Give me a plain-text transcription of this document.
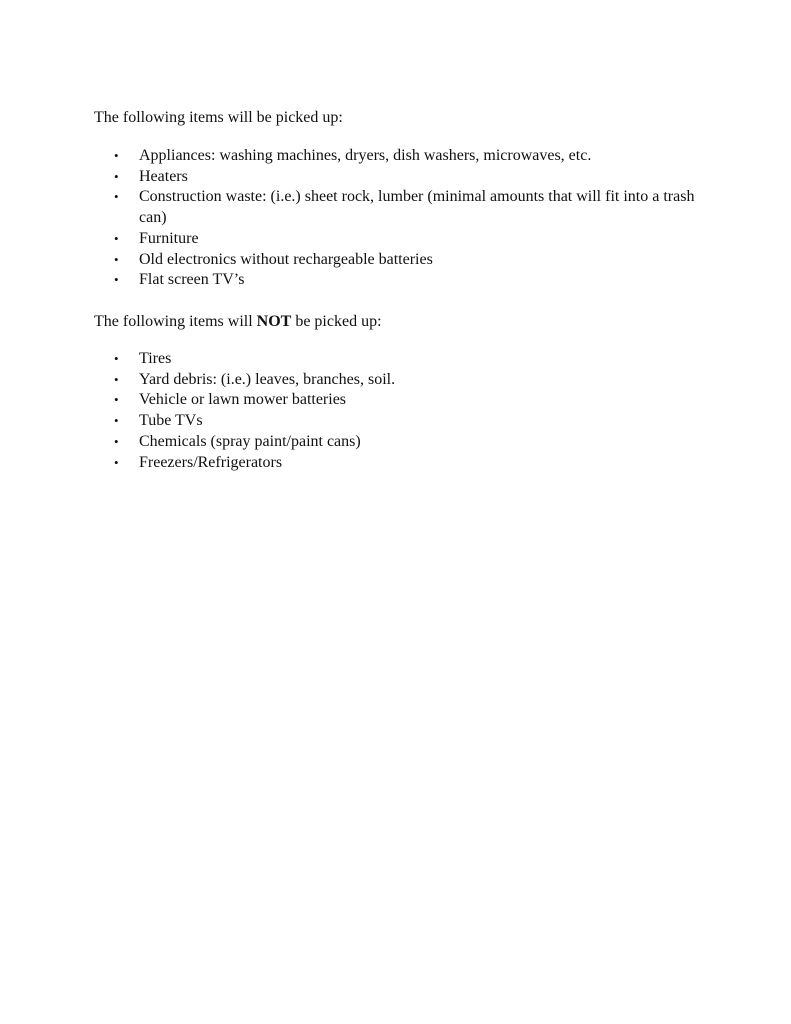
The following items will be picked up:

• Appliances: washing machines, dryers, dish washers, microwaves, etc.
• Heaters
• Construction waste: (i.e.) sheet rock, lumber (minimal amounts that will fit into a trash can)
• Furniture
• Old electronics without rechargeable batteries
• Flat screen TV’s

The following items will NOT be picked up:

• Tires
• Yard debris: (i.e.) leaves, branches, soil.
• Vehicle or lawn mower batteries
• Tube TVs
• Chemicals (spray paint/paint cans)
• Freezers/Refrigerators
